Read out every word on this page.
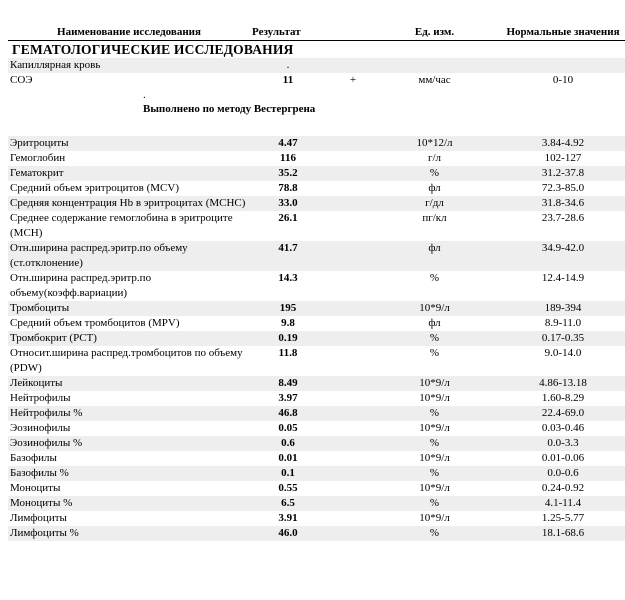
Наименование исследования	Результат		Ед. изм.	Нормальные значения
ГЕМАТОЛОГИЧЕСКИЕ ИССЛЕДОВАНИЯ				
Капиллярная кровь	.			
СОЭ	11	+	мм/час	0-10
.				
Выполнено по методу Вестергрена				

Эритроциты	4.47		10*12/л	3.84-4.92
Гемоглобин	116		г/л	102-127
Гематокрит	35.2		%	31.2-37.8
Средний объем эритроцитов (MCV)	78.8		фл	72.3-85.0
Средняя концентрация Hb в эритроцитах (MCHC)	33.0		г/дл	31.8-34.6
Среднее содержание гемоглобина в эритроците (MCH)	26.1		пг/кл	23.7-28.6
Отн.ширина распред.эритр.по объему (ст.отклонение)	41.7		фл	34.9-42.0
Отн.ширина распред.эритр.по объему(коэфф.вариации)	14.3		%	12.4-14.9
Тромбоциты	195		10*9/л	189-394
Средний объем тромбоцитов (MPV)	9.8		фл	8.9-11.0
Тромбокрит (PCT)	0.19		%	0.17-0.35
Относит.ширина распред.тромбоцитов по объему (PDW)	11.8		%	9.0-14.0
Лейкоциты	8.49		10*9/л	4.86-13.18
Нейтрофилы	3.97		10*9/л	1.60-8.29
Нейтрофилы %	46.8		%	22.4-69.0
Эозинофилы	0.05		10*9/л	0.03-0.46
Эозинофилы %	0.6		%	0.0-3.3
Базофилы	0.01		10*9/л	0.01-0.06
Базофилы %	0.1		%	0.0-0.6
Моноциты	0.55		10*9/л	0.24-0.92
Моноциты %	6.5		%	4.1-11.4
Лимфоциты	3.91		10*9/л	1.25-5.77
Лимфоциты %	46.0		%	18.1-68.6
